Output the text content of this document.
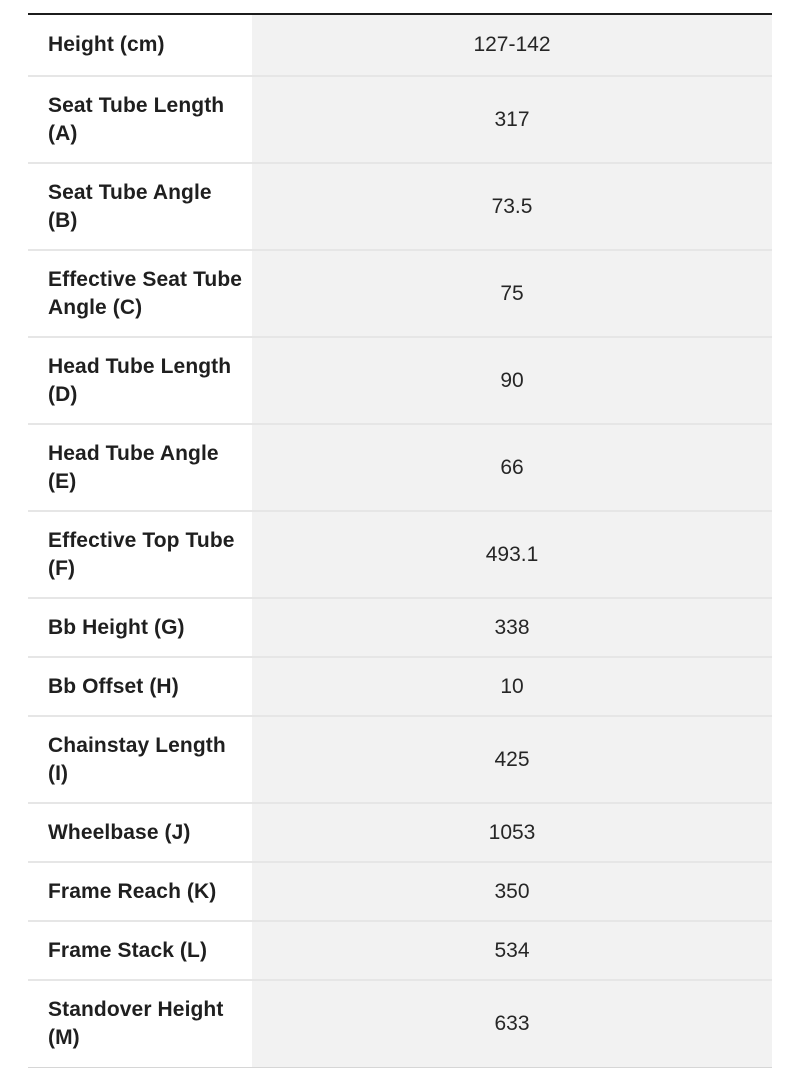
Height (cm)	127-142
Seat Tube Length (A)	317
Seat Tube Angle (B)	73.5
Effective Seat Tube Angle (C)	75
Head Tube Length (D)	90
Head Tube Angle (E)	66
Effective Top Tube (F)	493.1
Bb Height (G)	338
Bb Offset (H)	10
Chainstay Length (I)	425
Wheelbase (J)	1053
Frame Reach (K)	350
Frame Stack (L)	534
Standover Height (M)	633
